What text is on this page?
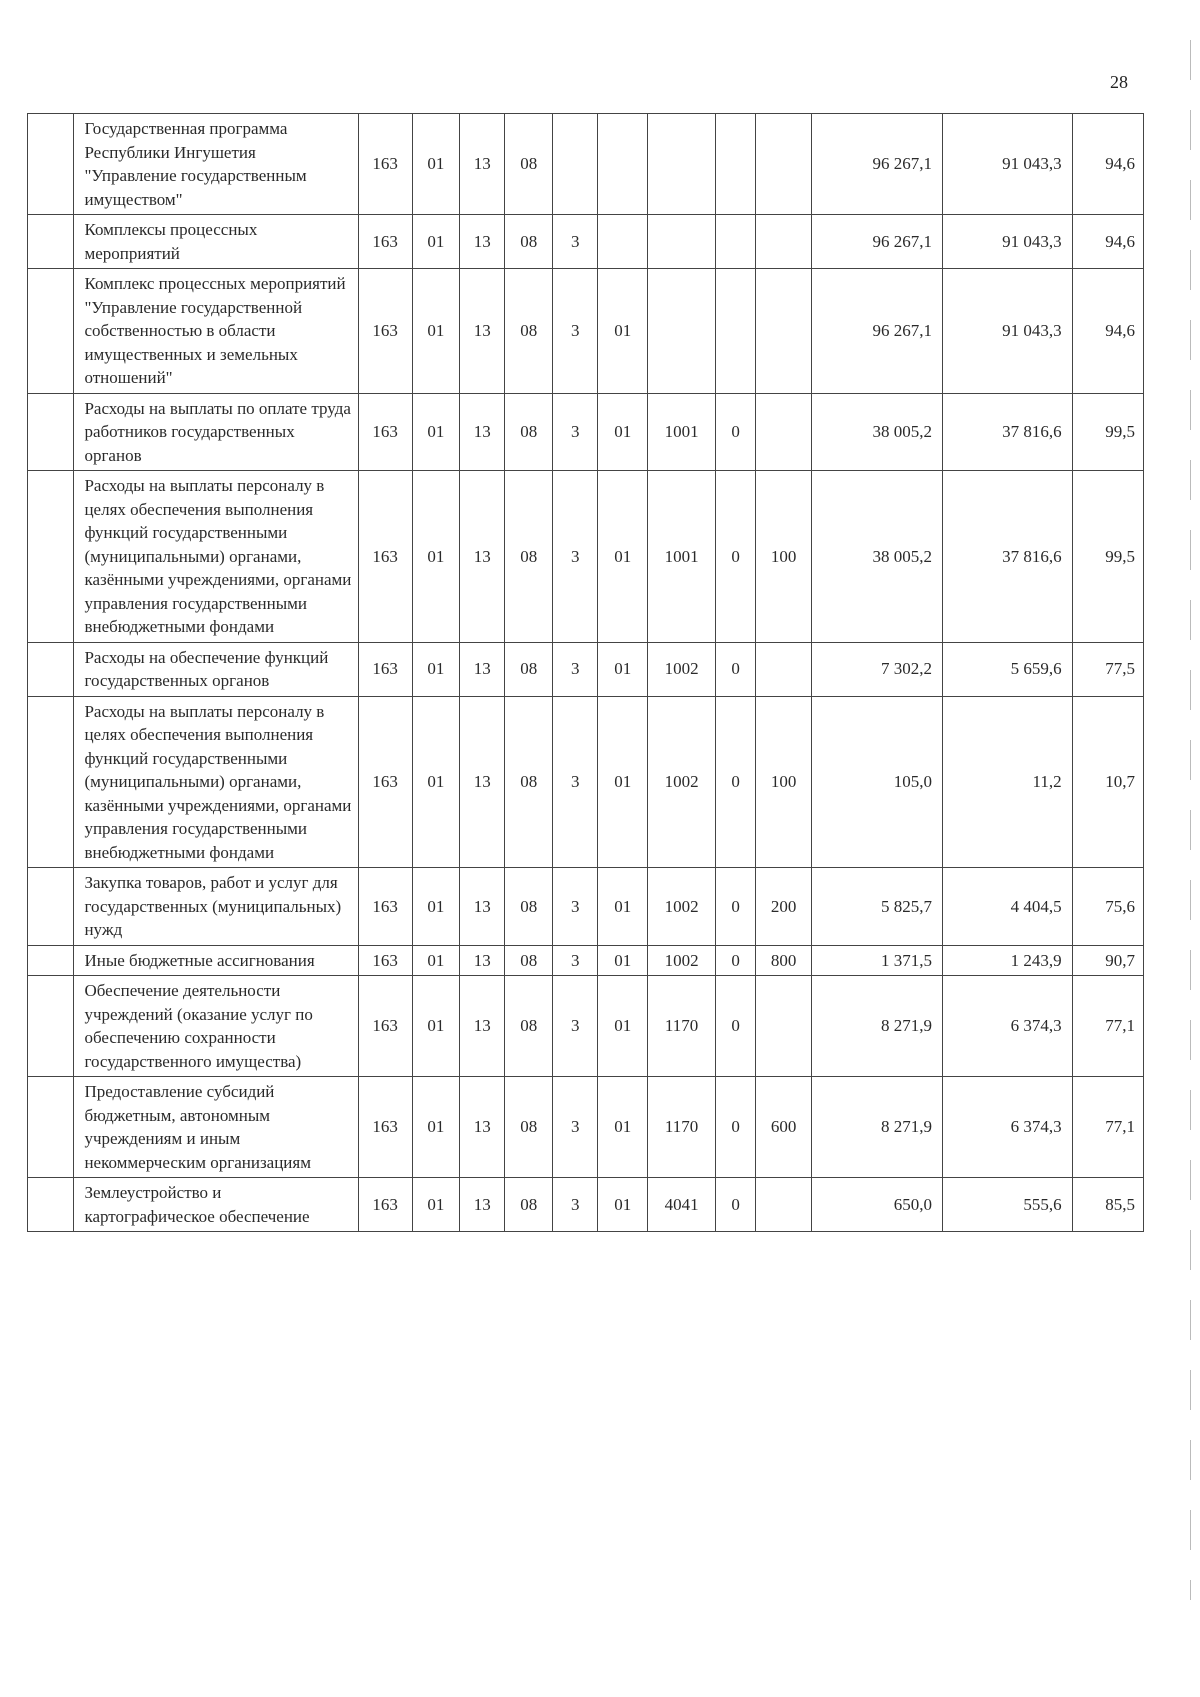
28
	Государственная программа Республики Ингушетия "Управление государственным имуществом"	163	01	13	08						96 267,1	91 043,3	94,6
	Комплексы процессных мероприятий	163	01	13	08	3					96 267,1	91 043,3	94,6
	Комплекс процессных мероприятий "Управление государственной собственностью в области имущественных и земельных отношений"	163	01	13	08	3	01				96 267,1	91 043,3	94,6
	Расходы на выплаты по оплате труда работников государственных органов	163	01	13	08	3	01	1001	0		38 005,2	37 816,6	99,5
	Расходы на выплаты персоналу в целях обеспечения выполнения функций государственными (муниципальными) органами, казёнными учреждениями, органами управления государственными внебюджетными фондами	163	01	13	08	3	01	1001	0	100	38 005,2	37 816,6	99,5
	Расходы на обеспечение функций государственных органов	163	01	13	08	3	01	1002	0		7 302,2	5 659,6	77,5
	Расходы на выплаты персоналу в целях обеспечения выполнения функций государственными (муниципальными) органами, казёнными учреждениями, органами управления государственными внебюджетными фондами	163	01	13	08	3	01	1002	0	100	105,0	11,2	10,7
	Закупка товаров, работ и услуг для государственных (муниципальных) нужд	163	01	13	08	3	01	1002	0	200	5 825,7	4 404,5	75,6
	Иные бюджетные ассигнования	163	01	13	08	3	01	1002	0	800	1 371,5	1 243,9	90,7
	Обеспечение деятельности учреждений (оказание услуг по обеспечению сохранности государственного имущества)	163	01	13	08	3	01	1170	0		8 271,9	6 374,3	77,1
	Предоставление субсидий бюджетным, автономным учреждениям и иным некоммерческим организациям	163	01	13	08	3	01	1170	0	600	8 271,9	6 374,3	77,1
	Землеустройство и картографическое обеспечение	163	01	13	08	3	01	4041	0		650,0	555,6	85,5
